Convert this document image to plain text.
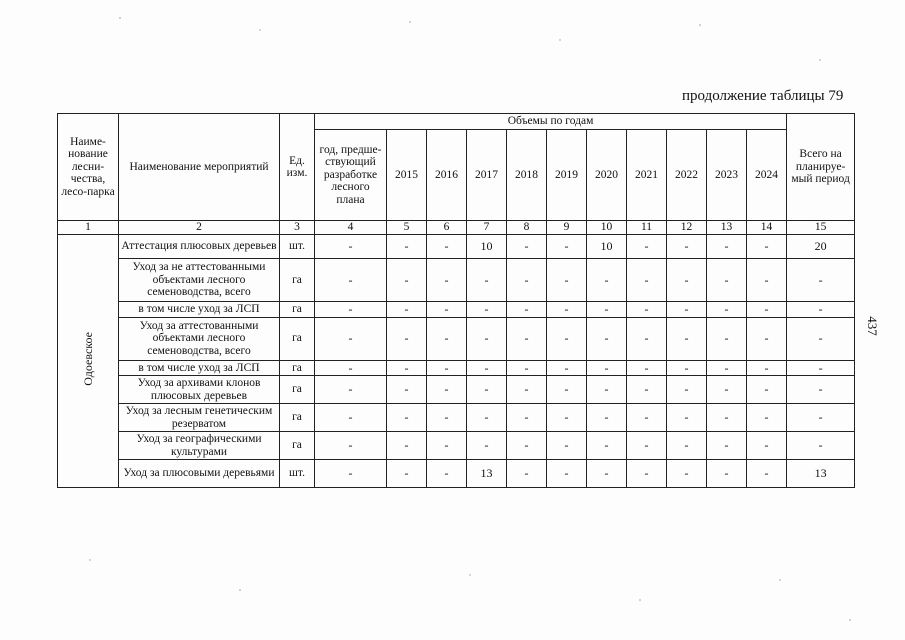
продолжение таблицы 79
437
Наиме-нование лесни-чества, лесо-парка	Наименование мероприятий	Ед. изм.	Объемы по годам											Всего на планируе-мый период
			год, предше-ствующий разработке лесного плана	2015	2016	2017	2018	2019	2020	2021	2022	2023	2024	
1	2	3	4	5	6	7	8	9	10	11	12	13	14	15
Одоевское	Аттестация плюсовых деревьев	шт.	-	-	-	10	-	-	10	-	-	-	-	20
	Уход за не аттестованными объектами лесного семеноводства, всего	га	-	-	-	-	-	-	-	-	-	-	-	-
	в том числе уход за ЛСП	га	-	-	-	-	-	-	-	-	-	-	-	-
	Уход за аттестованными объектами лесного семеноводства, всего	га	-	-	-	-	-	-	-	-	-	-	-	-
	в том числе уход за ЛСП	га	-	-	-	-	-	-	-	-	-	-	-	-
	Уход за архивами клонов плюсовых деревьев	га	-	-	-	-	-	-	-	-	-	-	-	-
	Уход за лесным генетическим резерватом	га	-	-	-	-	-	-	-	-	-	-	-	-
	Уход за географическими культурами	га	-	-	-	-	-	-	-	-	-	-	-	-
	Уход за плюсовыми деревьями	шт.	-	-	-	13	-	-	-	-	-	-	-	13
